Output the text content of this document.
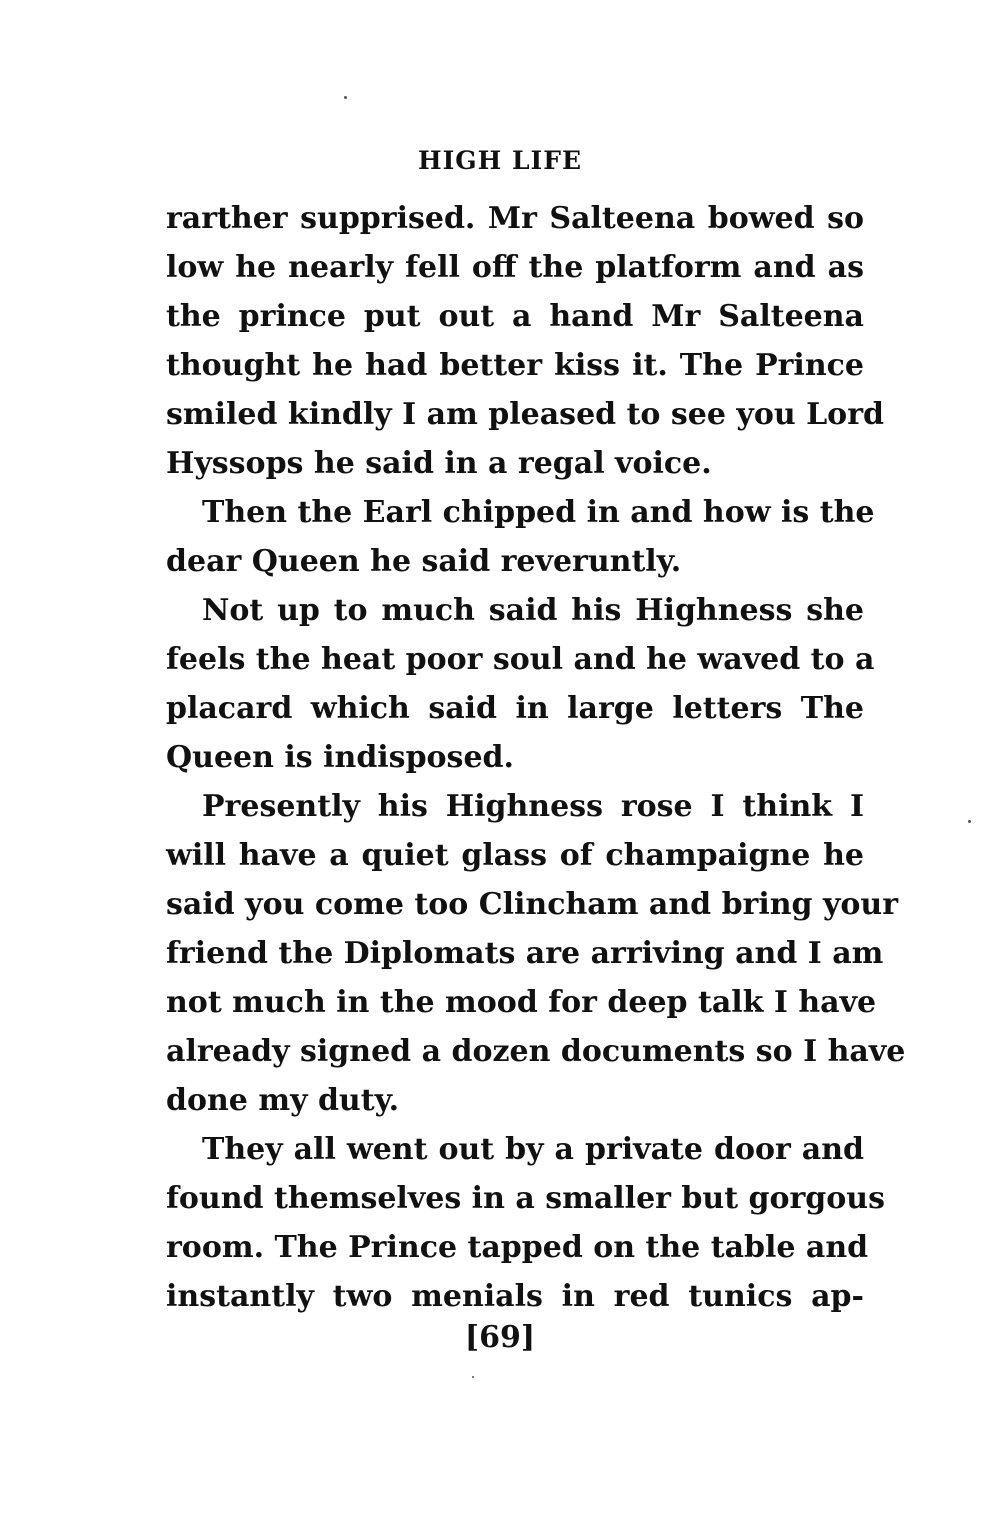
HIGH LIFE
rarther supprised. Mr Salteena bowed so
low he nearly fell off the platform and as
the prince put out a hand Mr Salteena
thought he had better kiss it. The Prince
smiled kindly I am pleased to see you Lord
Hyssops he said in a regal voice.
Then the Earl chipped in and how is the
dear Queen he said reveruntly.
Not up to much said his Highness she
feels the heat poor soul and he waved to a
placard which said in large letters The
Queen is indisposed.
Presently his Highness rose I think I
will have a quiet glass of champaigne he
said you come too Clincham and bring your
friend the Diplomats are arriving and I am
not much in the mood for deep talk I have
already signed a dozen documents so I have
done my duty.
They all went out by a private door and
found themselves in a smaller but gorgous
room. The Prince tapped on the table and
instantly two menials in red tunics ap-
[69]
